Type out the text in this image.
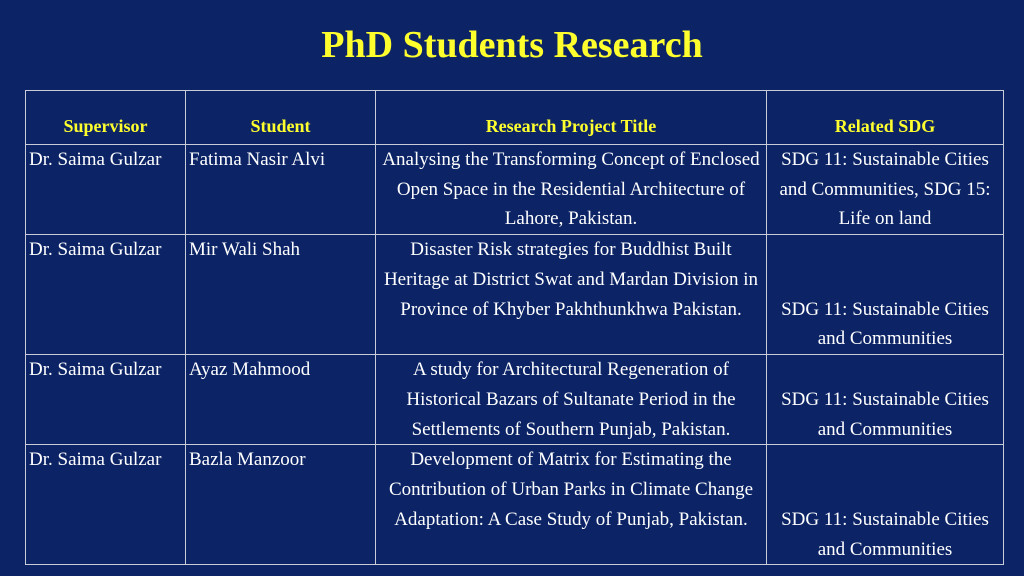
PhD Students Research
Supervisor	Student	Research Project Title	Related SDG
Dr. Saima Gulzar	Fatima Nasir Alvi	Analysing the Transforming Concept of Enclosed Open Space in the Residential Architecture of Lahore, Pakistan.	SDG 11: Sustainable Cities and Communities, SDG 15: Life on land
Dr. Saima Gulzar	Mir Wali Shah	Disaster Risk strategies for Buddhist Built Heritage at District Swat and Mardan Division in Province of Khyber Pakhthunkhwa Pakistan.	SDG 11: Sustainable Cities and Communities
Dr. Saima Gulzar	Ayaz Mahmood	A study for Architectural Regeneration of Historical Bazars of Sultanate Period in the Settlements of Southern Punjab, Pakistan.	SDG 11: Sustainable Cities and Communities
Dr. Saima Gulzar	Bazla Manzoor	Development of Matrix for Estimating the Contribution of Urban Parks in Climate Change Adaptation: A Case Study of Punjab, Pakistan.	SDG 11: Sustainable Cities and Communities
